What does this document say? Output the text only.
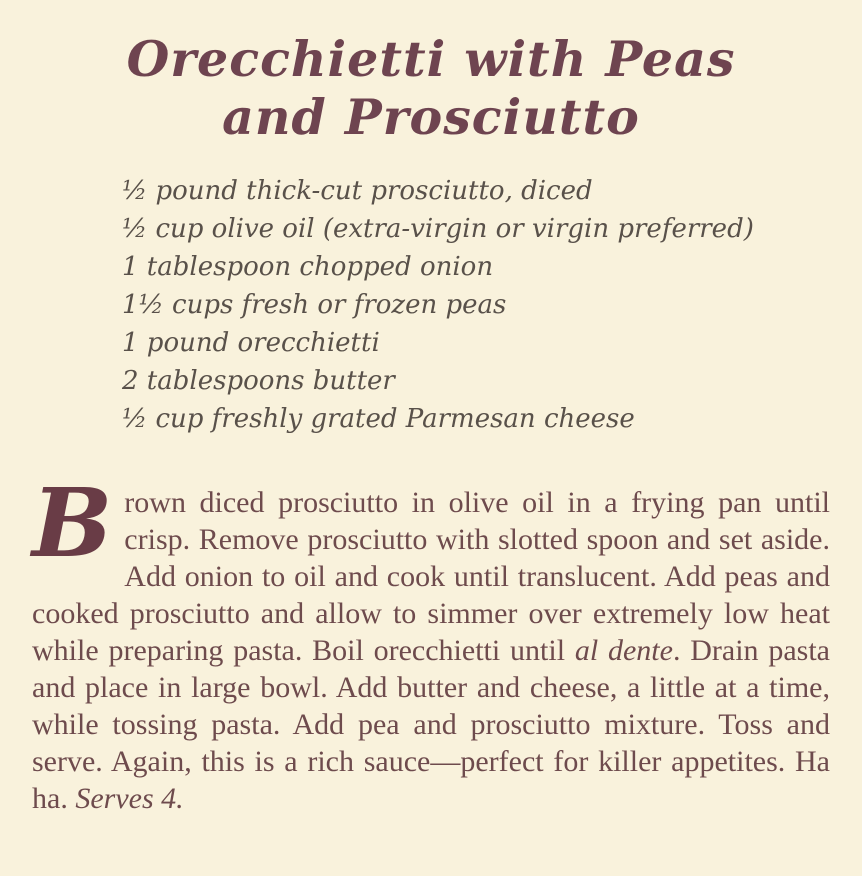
Orecchietti with Peas
and Prosciutto
½ pound thick-cut prosciutto, diced
½ cup olive oil (extra-virgin or virgin preferred)
1 tablespoon chopped onion
1½ cups fresh or frozen peas
1 pound orecchietti
2 tablespoons butter
½ cup freshly grated Parmesan cheese

Brown diced prosciutto in olive oil in a frying pan until crisp. Remove prosciutto with slotted spoon and set aside. Add onion to oil and cook until translucent. Add peas and cooked prosciutto and allow to simmer over extremely low heat while preparing pasta. Boil orecchietti until al dente. Drain pasta and place in large bowl. Add butter and cheese, a little at a time, while tossing pasta. Add pea and prosciutto mixture. Toss and serve. Again, this is a rich sauce—perfect for killer appetites. Ha ha. Serves 4.
